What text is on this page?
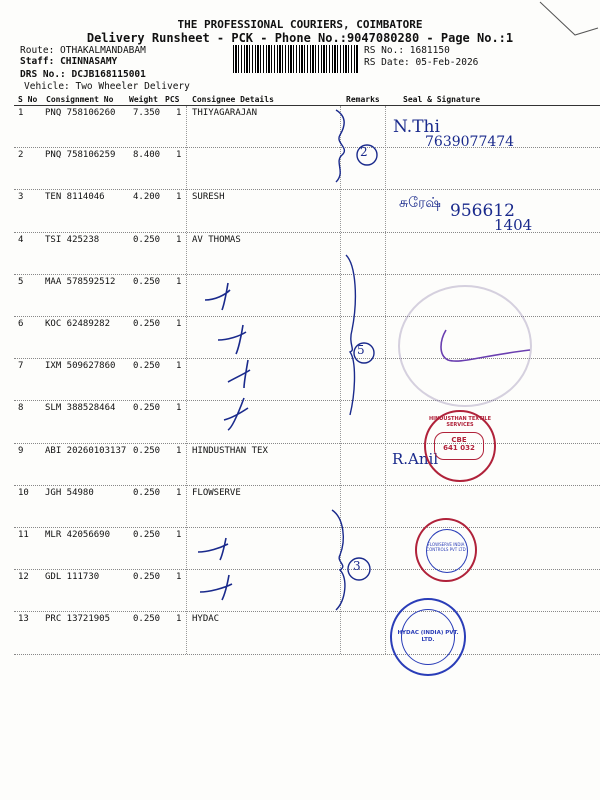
THE PROFESSIONAL COURIERS, COIMBATORE
Delivery Runsheet - PCK - Phone No.:9047080280 - Page No.:1
Route: OTHAKALMANDABAM
Staff: CHINNASAMY
DRS No.: DCJB168115001
Vehicle: Two Wheeler Delivery
RS No.: 1681150
RS Date: 05-Feb-2026
S No Consignment No Weight PCS Consignee Details	Remarks	Seal & Signature
1 PNQ 758106260 7.350 1 THIYAGARAJAN
2 PNQ 758106259 8.400 1
3 TEN 8114046	4.200 1 SURESH
4 TSI 425238	0.250 1 AV THOMAS
5 MAA 578592512 0.250 1
6 KOC 62489282	0.250 1
7 IXM 509627860 0.250 1
8 SLM 388528464 0.250 1
9 ABI 20260103137 0.250 1 HINDUSTHAN TEX
10 JGH 54980	0.250 1 FLOWSERVE
11 MLR 42056690	0.250 1
12 GDL 111730	0.250 1
13 PRC 13721905	0.250 1 HYDAC
N.Thi
7639077474
2
5
3
சுரேஷ் 956612
1404
R.Anil
HINDUSTHAN TEXTILE SERVICES
CBE
641 032
FLOWSERVE INDIA CONTROLS PVT LTD
HYDAC (INDIA) PVT. LTD.
